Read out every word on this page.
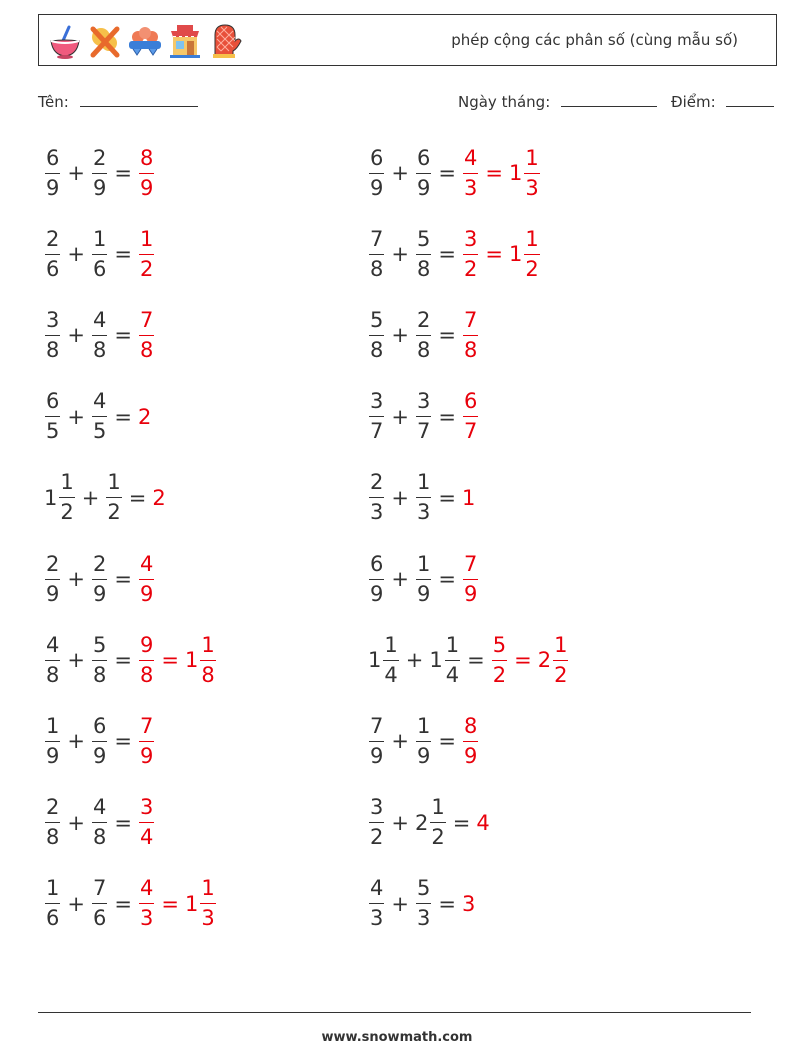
phép cộng các phân số (cùng mẫu số)
Tên:	Ngày tháng:	Điểm:
$\frac{6}{9} + \frac{2}{9} = \frac{8}{9}$
$\frac{2}{6} + \frac{1}{6} = \frac{1}{2}$
$\frac{3}{8} + \frac{4}{8} = \frac{7}{8}$
$\frac{6}{5} + \frac{4}{5} = 2$
$1 \frac{1}{2} + \frac{1}{2} = 2$
$\frac{2}{9} + \frac{2}{9} = \frac{4}{9}$
$\frac{4}{8} + \frac{5}{8} = \frac{9}{8} = 1 \frac{1}{8}$
$\frac{1}{9} + \frac{6}{9} = \frac{7}{9}$
$\frac{2}{8} + \frac{4}{8} = \frac{3}{4}$
$\frac{1}{6} + \frac{7}{6} = \frac{4}{3} = 1 \frac{1}{3}$
$\frac{6}{9} + \frac{6}{9} = \frac{4}{3} = 1 \frac{1}{3}$
$\frac{7}{8} + \frac{5}{8} = \frac{3}{2} = 1 \frac{1}{2}$
$\frac{5}{8} + \frac{2}{8} = \frac{7}{8}$
$\frac{3}{7} + \frac{3}{7} = \frac{6}{7}$
$\frac{2}{3} + \frac{1}{3} = 1$
$\frac{6}{9} + \frac{1}{9} = \frac{7}{9}$
$1 \frac{1}{4} + 1 \frac{1}{4} = \frac{5}{2} = 2 \frac{1}{2}$
$\frac{7}{9} + \frac{1}{9} = \frac{8}{9}$
$\frac{3}{2} + 2 \frac{1}{2} = 4$
$\frac{4}{3} + \frac{5}{3} = 3$
www.snowmath.com
